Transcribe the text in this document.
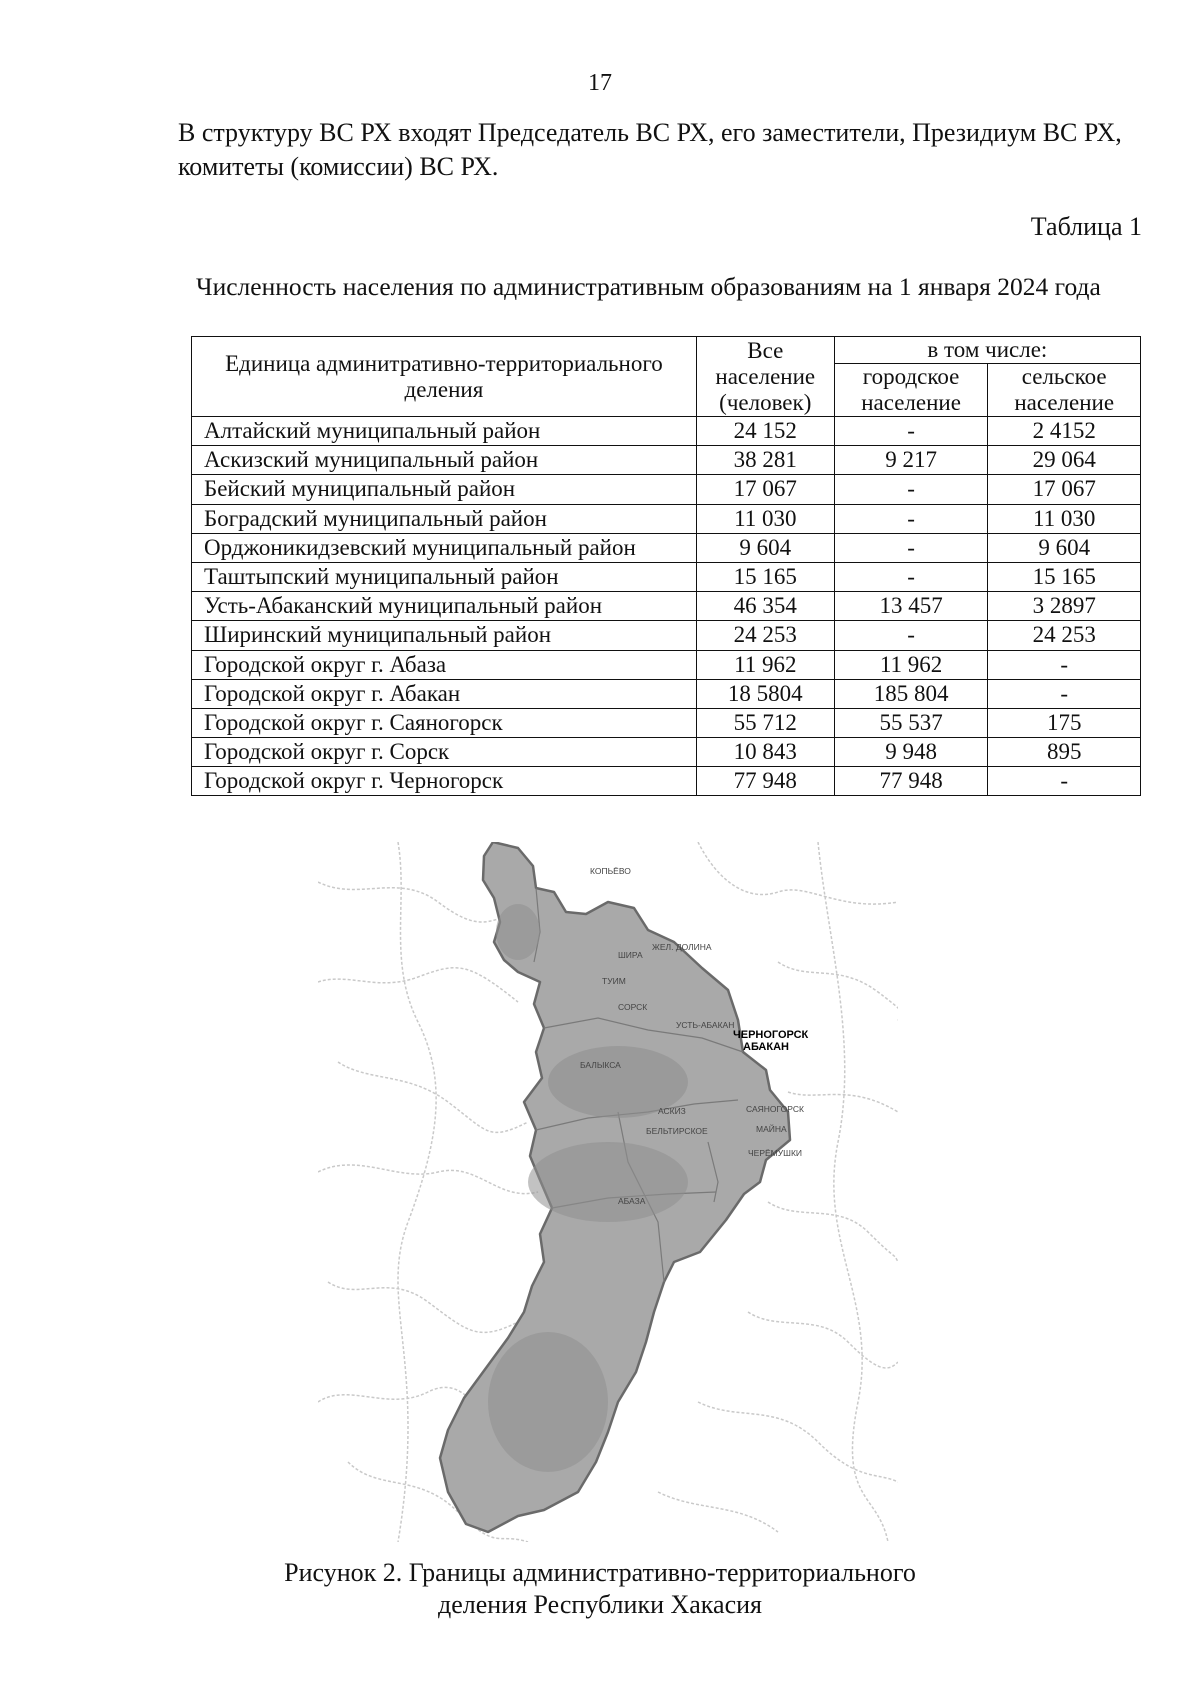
17

В структуру ВС РХ входят Председатель ВС РХ, его заместители, Президиум ВС РХ, комитеты (комиссии) ВС РХ.

Таблица 1
Численность населения по административным образованиям на 1 января 2024 года
Единица админитративно-территориального деления	Все население (человек)	в том числе:	
		городское население	сельское население
Алтайский муниципальный район	24 152	-	2 4152
Аскизский муниципальный район	38 281	9 217	29 064
Бейский муниципальный район	17 067	-	17 067
Боградский муниципальный район	11 030	-	11 030
Орджоникидзевский муниципальный район	9 604	-	9 604
Таштыпский муниципальный район	15 165	-	15 165
Усть-Абаканский муниципальный район	46 354	13 457	3 2897
Ширинский муниципальный район	24 253	-	24 253
Городской округ г. Абаза	11 962	11 962	-
Городской округ г. Абакан	18 5804	185 804	-
Городской округ г. Саяногорск	55 712	55 537	175
Городской округ г. Сорск	10 843	9 948	895
Городской округ г. Черногорск	77 948	77 948	-
ЧЕРНОГОРСК
АБАКАН
САЯНОГОРСК
МАЙНА
ЧЕРЁМУШКИ
АБАЗА
АСКИЗ
БЕЛЬТИРСКОЕ
КОПЬЁВО
ШИРА
ТУИМ
СОРСК
УСТЬ-АБАКАН
БАЛЫКСА
ЖЕЛ. ДОЛИНА
Рисунок 2. Границы административно-территориального деления Республики Хакасия
